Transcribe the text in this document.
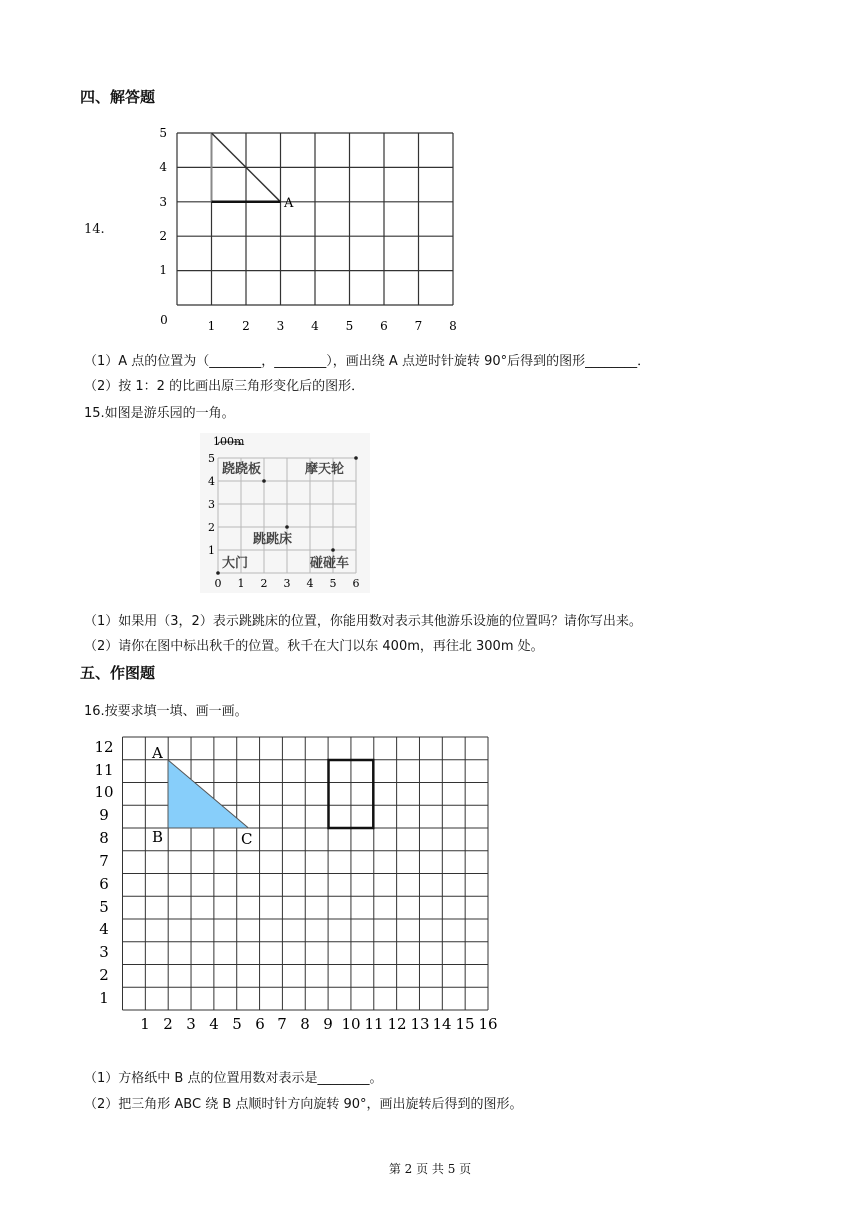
四、解答题
14.
A
1
2
3
4
5
0	1 2 3 4 5 6 7 8
（1）A 点的位置为（________，________），画出绕 A 点逆时针旋转 90°后得到的图形________．
（2）按 1：2 的比画出原三角形变化后的图形．
15.如图是游乐园的一角。
100m
1
2
3
4
5
0 1 2 3 4 5 6
跷跷板	摩天轮
跳跳床
大门	碰碰车
（1）如果用（3，2）表示跳跳床的位置，你能用数对表示其他游乐设施的位置吗？请你写出来。
（2）请你在图中标出秋千的位置。秋千在大门以东 400m，再往北 300m 处。
五、作图题
16.按要求填一填、画一画。
A
B	C
1
2
3
4
5
6
7
8
9
10
11
12
1 2 3 4 5 6 7 8 9 10 11 12 13 14 15 16
（1）方格纸中 B 点的位置用数对表示是________。
（2）把三角形 ABC 绕 B 点顺时针方向旋转 90°，画出旋转后得到的图形。
第 2 页 共 5 页
